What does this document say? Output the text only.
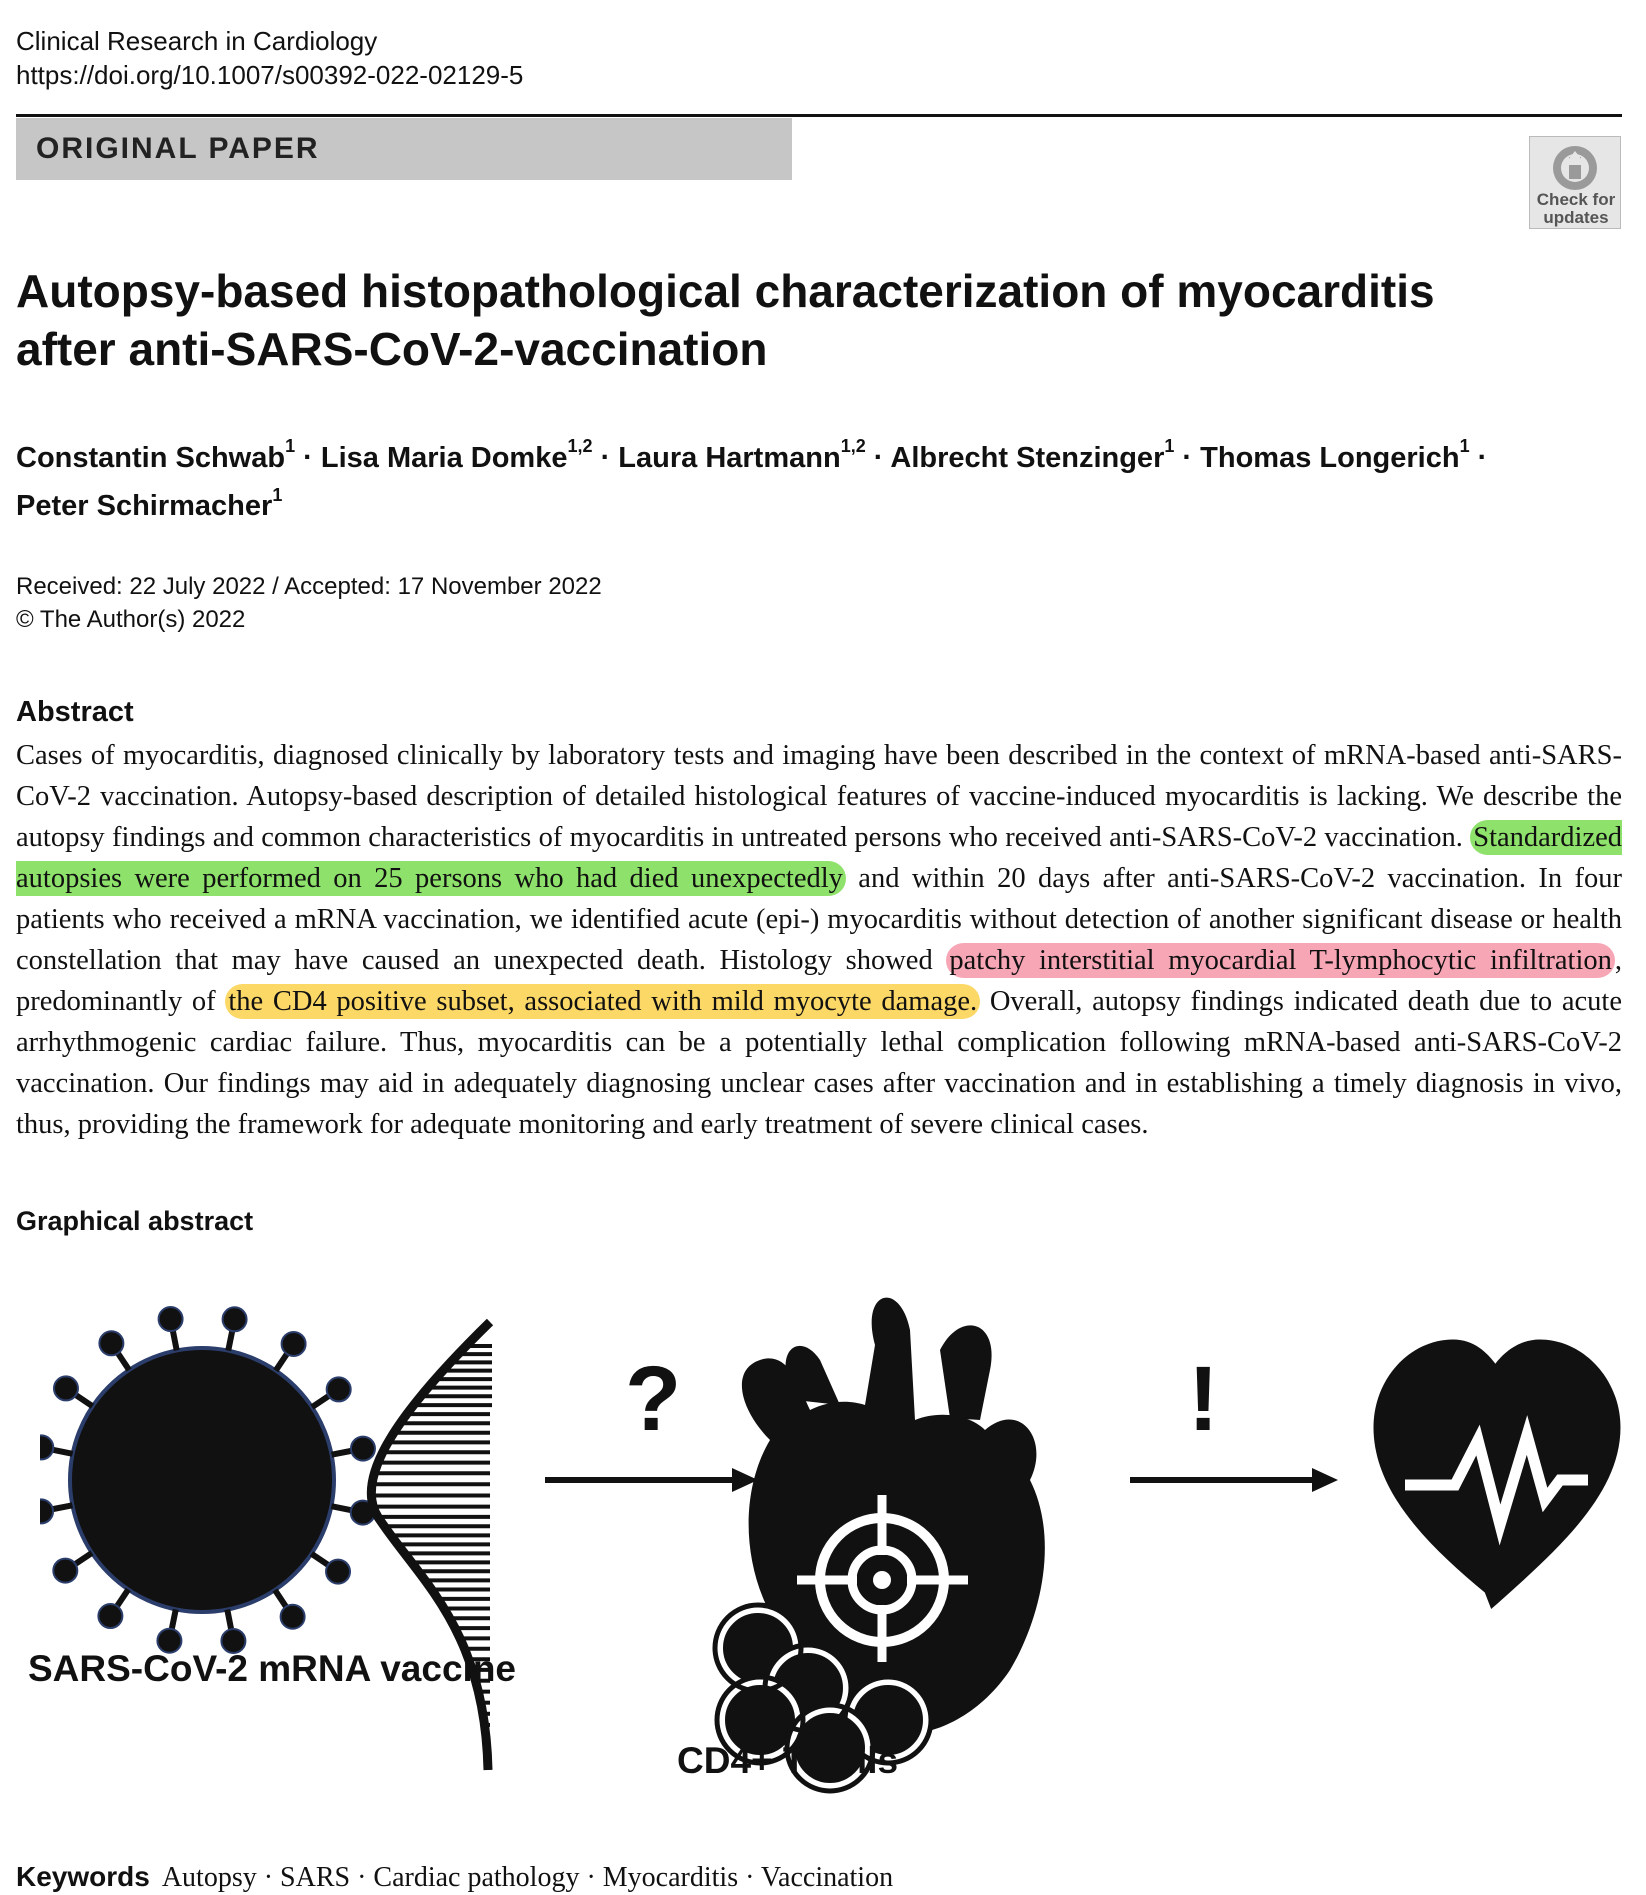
Clinical Research in Cardiology
https://doi.org/10.1007/s00392-022-02129-5
ORIGINAL PAPER
Check for
updates
Autopsy-based histopathological characterization of myocarditis
after anti-SARS-CoV-2-vaccination
Constantin Schwab$^1$ · Lisa Maria Domke$^{1,2}$ · Laura Hartmann$^{1,2}$ · Albrecht Stenzinger$^1$ · Thomas Longerich$^1$ ·
Peter Schirmacher$^1$
Received: 22 July 2022 / Accepted: 17 November 2022
© The Author(s) 2022
Abstract
Cases of myocarditis, diagnosed clinically by laboratory tests and imaging have been described in the context of mRNA-based anti-SARS-CoV-2 vaccination. Autopsy-based description of detailed histological features of vaccine-induced myocarditis is lacking. We describe the autopsy findings and common characteristics of myocarditis in untreated persons who received anti-SARS-CoV-2 vaccination. Standardized autopsies were performed on 25 persons who had died unexpectedly and within 20 days after anti-SARS-CoV-2 vaccination. In four patients who received a mRNA vaccination, we identified acute (epi-) myocarditis without detection of another significant disease or health constellation that may have caused an unexpected death. Histology showed patchy interstitial myocardial T-lymphocytic infiltration , predominantly of the CD4 positive subset, associated with mild myocyte damage. Overall, autopsy findings indicated death due to acute arrhythmogenic cardiac failure. Thus, myocarditis can be a potentially lethal complication following mRNA-based anti-SARS-CoV-2 vaccination. Our findings may aid in adequately diagnosing unclear cases after vaccination and in establishing a timely diagnosis in vivo, thus, providing the framework for adequate monitoring and early treatment of severe clinical cases.
Graphical abstract
?	!
SARS-CoV-2 mRNA vaccine
CD4+ T cells
Keywords Autopsy · SARS · Cardiac pathology · Myocarditis · Vaccination
